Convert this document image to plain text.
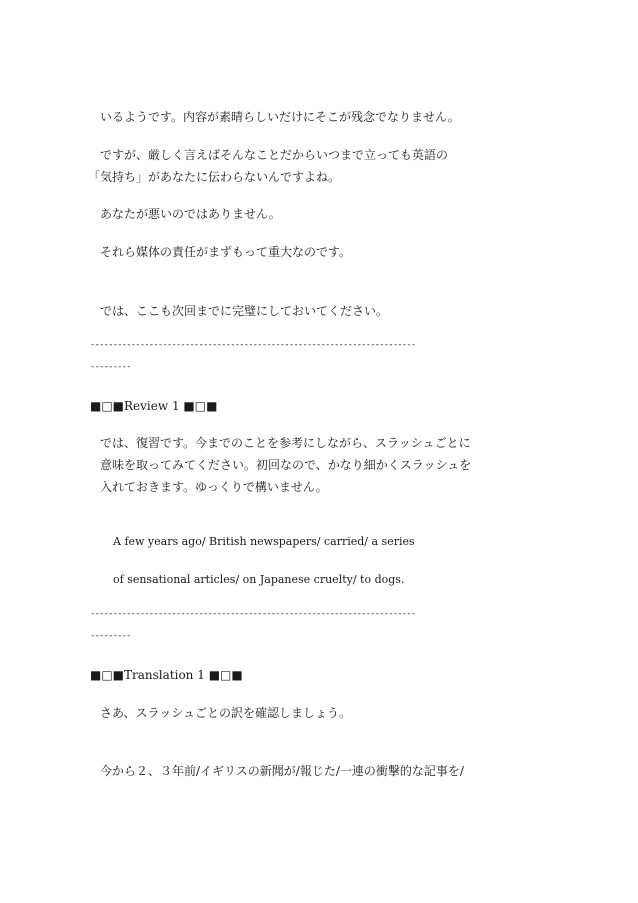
いるようです。内容が素晴らしいだけにそこが残念でなりません。
ですが、厳しく言えばそんなことだからいつまで立っても英語の
「気持ち」があなたに伝わらないんですよね。
あなたが悪いのではありません。
それら媒体の責任がまずもって重大なのです。
では、ここも次回までに完璧にしておいてください。
------------------------------------------------------------------------
---------
■□■Review 1 ■□■
では、復習です。今までのことを参考にしながら、スラッシュごとに
意味を取ってみてください。初回なので、かなり細かくスラッシュを
入れておきます。ゆっくりで構いません。
A few years ago/ British newspapers/ carried/ a series
of sensational articles/ on Japanese cruelty/ to dogs.
------------------------------------------------------------------------
---------
■□■Translation 1 ■□■
さあ、スラッシュごとの訳を確認しましょう。
今から２、３年前/イギリスの新聞が/報じた/一連の衝撃的な記事を/
